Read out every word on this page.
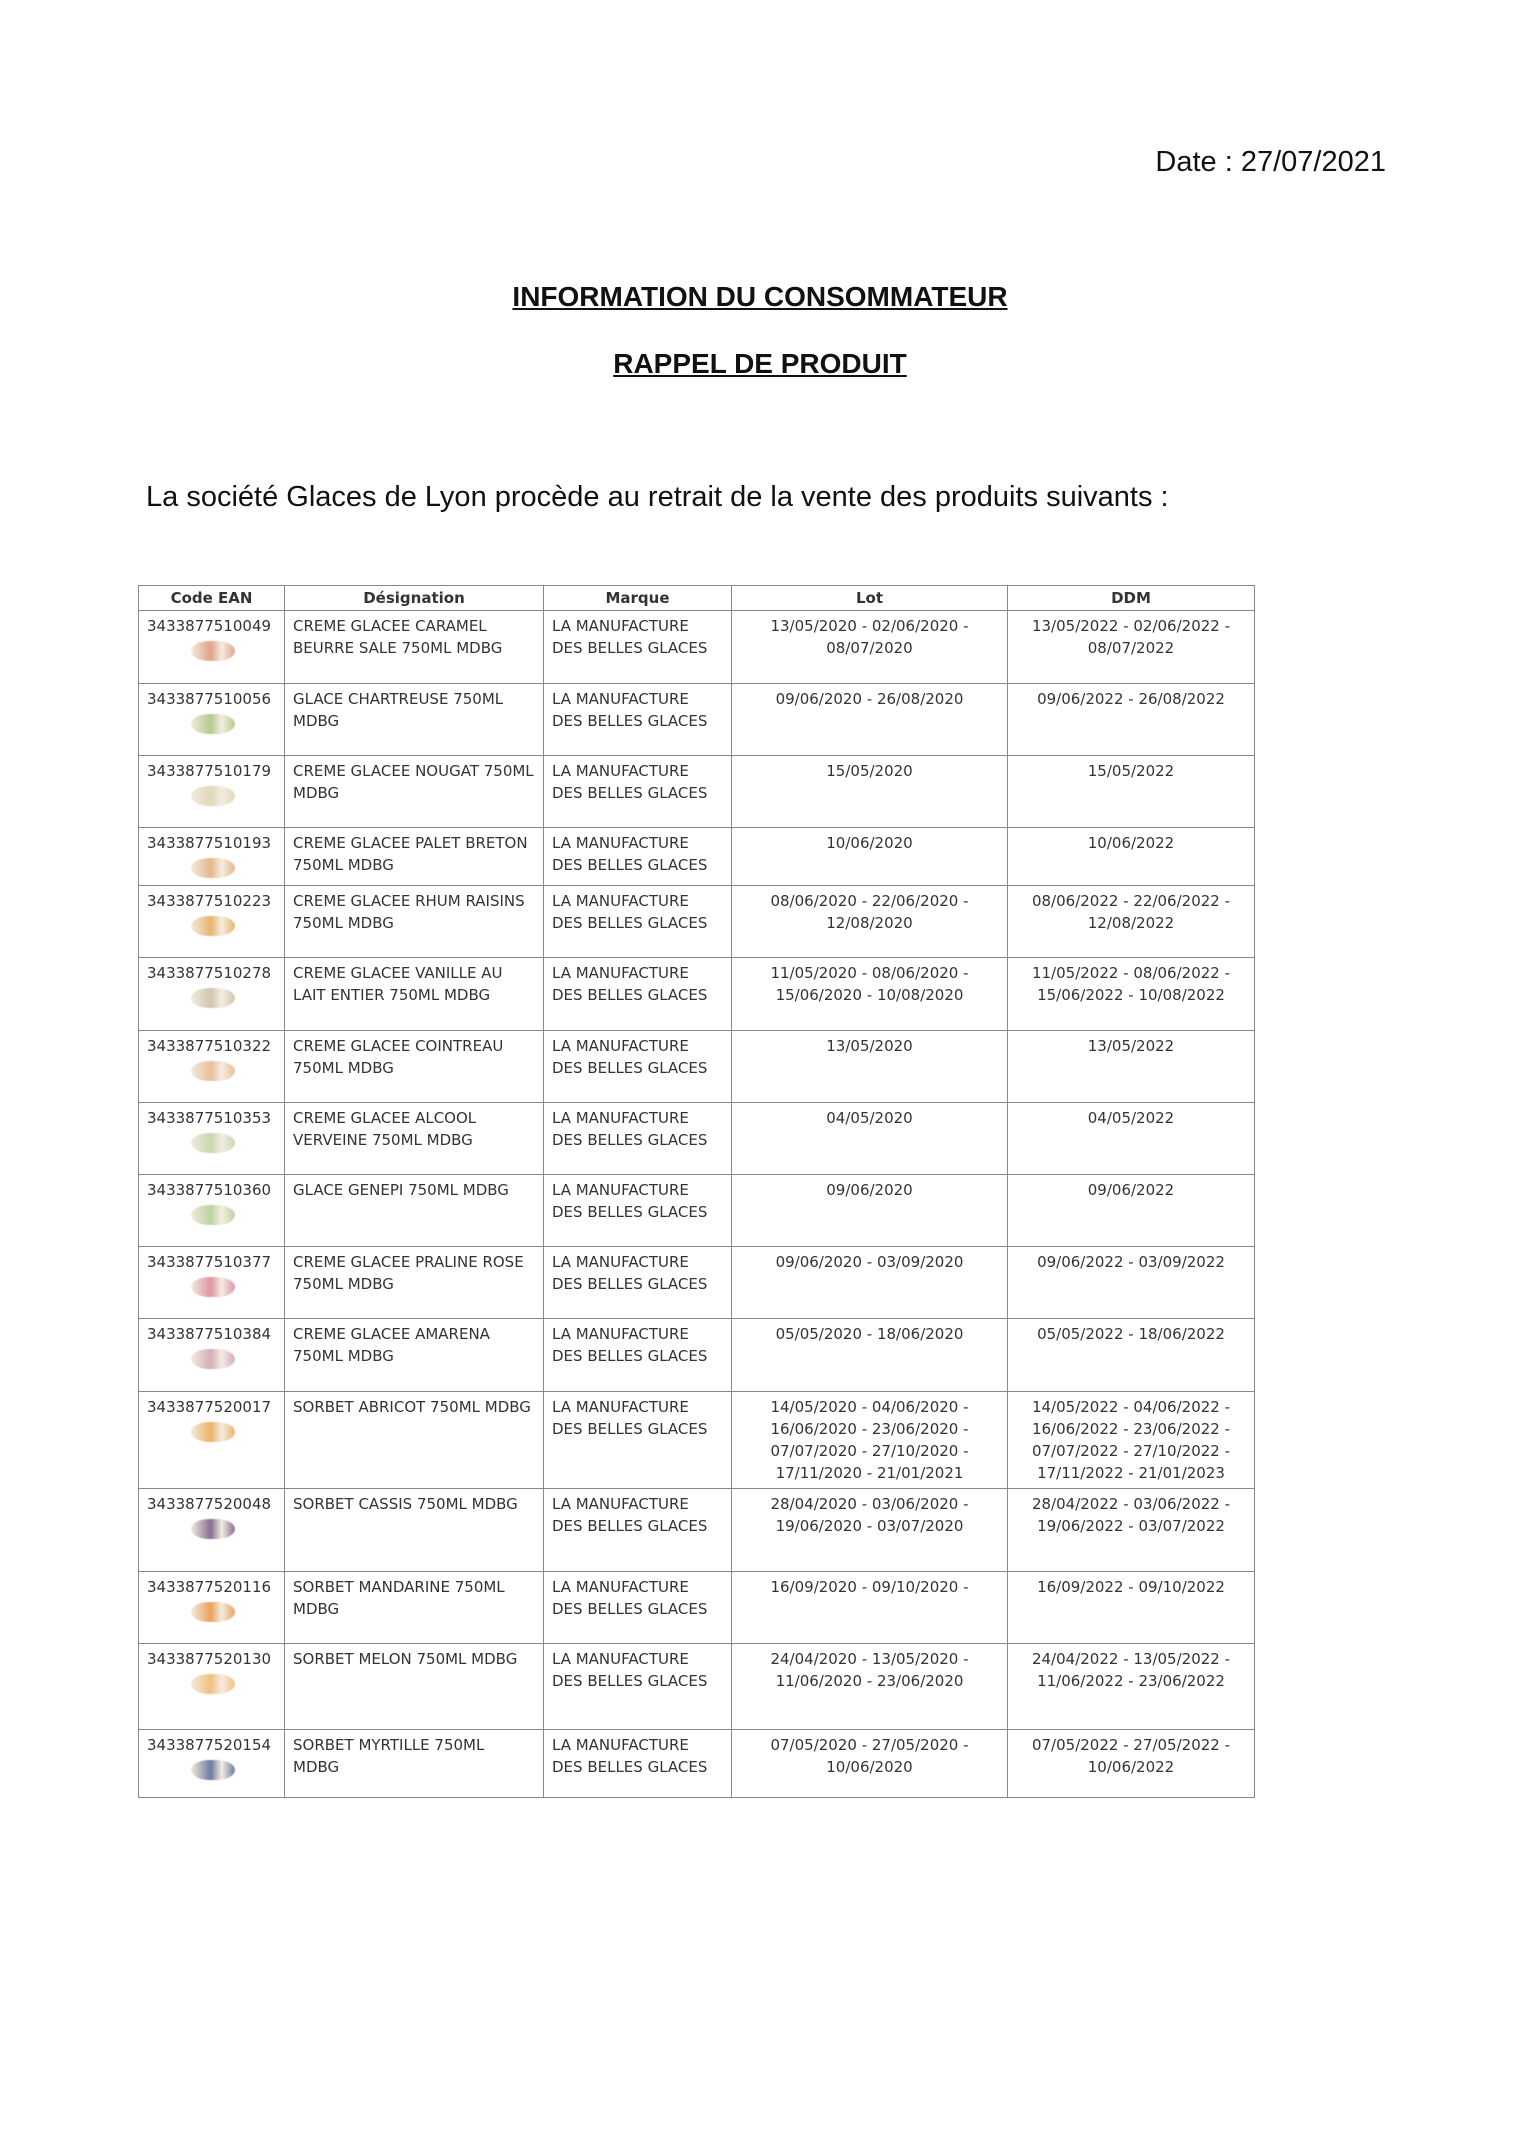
Date : 27/07/2021
INFORMATION DU CONSOMMATEUR
RAPPEL DE PRODUIT
La société Glaces de Lyon procède au retrait de la vente des produits suivants :
Code EAN	Désignation	Marque	Lot	DDM
3433877510049	CREME GLACEE CARAMEL BEURRE SALE 750ML MDBG	LA MANUFACTURE DES BELLES GLACES	13/05/2020 - 02/06/2020 - 08/07/2020	13/05/2022 - 02/06/2022 - 08/07/2022
3433877510056	GLACE CHARTREUSE 750ML MDBG	LA MANUFACTURE DES BELLES GLACES	09/06/2020 - 26/08/2020	09/06/2022 - 26/08/2022
3433877510179	CREME GLACEE NOUGAT 750ML MDBG	LA MANUFACTURE DES BELLES GLACES	15/05/2020	15/05/2022
3433877510193	CREME GLACEE PALET BRETON 750ML MDBG	LA MANUFACTURE DES BELLES GLACES	10/06/2020	10/06/2022
3433877510223	CREME GLACEE RHUM RAISINS 750ML MDBG	LA MANUFACTURE DES BELLES GLACES	08/06/2020 - 22/06/2020 - 12/08/2020	08/06/2022 - 22/06/2022 - 12/08/2022
3433877510278	CREME GLACEE VANILLE AU LAIT ENTIER 750ML MDBG	LA MANUFACTURE DES BELLES GLACES	11/05/2020 - 08/06/2020 - 15/06/2020 - 10/08/2020	11/05/2022 - 08/06/2022 - 15/06/2022 - 10/08/2022
3433877510322	CREME GLACEE COINTREAU 750ML MDBG	LA MANUFACTURE DES BELLES GLACES	13/05/2020	13/05/2022
3433877510353	CREME GLACEE ALCOOL VERVEINE 750ML MDBG	LA MANUFACTURE DES BELLES GLACES	04/05/2020	04/05/2022
3433877510360	GLACE GENEPI 750ML MDBG	LA MANUFACTURE DES BELLES GLACES	09/06/2020	09/06/2022
3433877510377	CREME GLACEE PRALINE ROSE 750ML MDBG	LA MANUFACTURE DES BELLES GLACES	09/06/2020 - 03/09/2020	09/06/2022 - 03/09/2022
3433877510384	CREME GLACEE AMARENA 750ML MDBG	LA MANUFACTURE DES BELLES GLACES	05/05/2020 - 18/06/2020	05/05/2022 - 18/06/2022
3433877520017	SORBET ABRICOT 750ML MDBG	LA MANUFACTURE DES BELLES GLACES	14/05/2020 - 04/06/2020 - 16/06/2020 - 23/06/2020 - 07/07/2020 - 27/10/2020 - 17/11/2020 - 21/01/2021	14/05/2022 - 04/06/2022 - 16/06/2022 - 23/06/2022 - 07/07/2022 - 27/10/2022 - 17/11/2022 - 21/01/2023
3433877520048	SORBET CASSIS 750ML MDBG	LA MANUFACTURE DES BELLES GLACES	28/04/2020 - 03/06/2020 - 19/06/2020 - 03/07/2020	28/04/2022 - 03/06/2022 - 19/06/2022 - 03/07/2022
3433877520116	SORBET MANDARINE 750ML MDBG	LA MANUFACTURE DES BELLES GLACES	16/09/2020 - 09/10/2020 -	16/09/2022 - 09/10/2022
3433877520130	SORBET MELON 750ML MDBG	LA MANUFACTURE DES BELLES GLACES	24/04/2020 - 13/05/2020 - 11/06/2020 - 23/06/2020	24/04/2022 - 13/05/2022 - 11/06/2022 - 23/06/2022
3433877520154	SORBET MYRTILLE 750ML MDBG	LA MANUFACTURE DES BELLES GLACES	07/05/2020 - 27/05/2020 - 10/06/2020	07/05/2022 - 27/05/2022 - 10/06/2022
